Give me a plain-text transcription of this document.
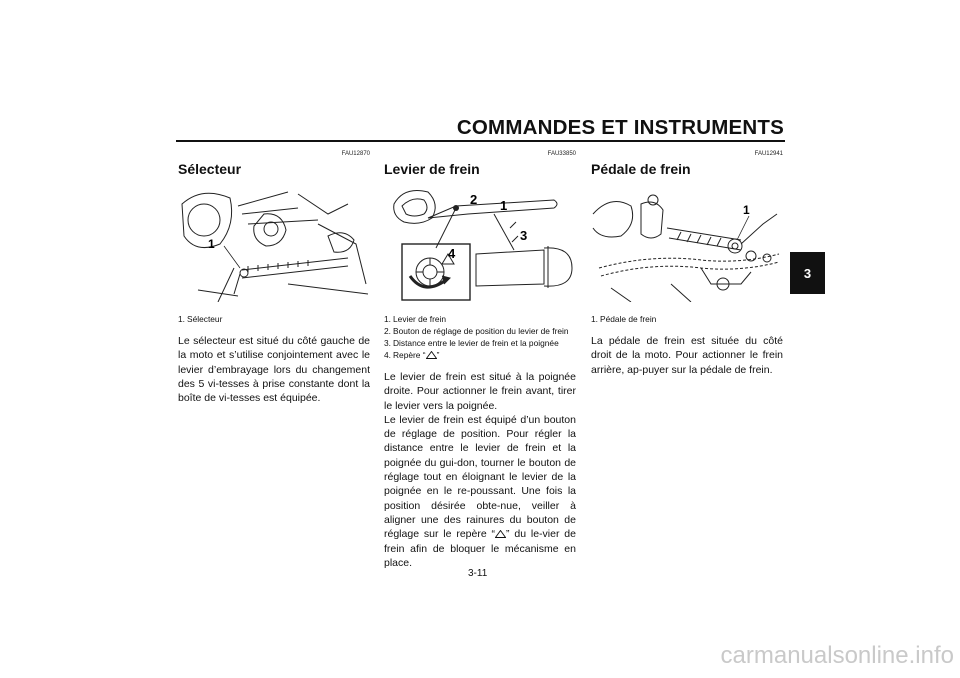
COMMANDES ET INSTRUMENTS
3
FAU12870
Sélecteur
1
1. Sélecteur

Le sélecteur est situé du côté gauche de la moto et s’utilise conjointement avec le levier d’embrayage lors du changement des 5 vi-tesses à prise constante dont la boîte de vi-tesses est équipée.

FAU33850
Levier de frein
2 1
3
4
1. Levier de frein
2. Bouton de réglage de position du levier de frein
3. Distance entre le levier de frein et la poignée
4. Repère “ ”

Le levier de frein est situé à la poignée droite. Pour actionner le frein avant, tirer le levier vers la poignée.

Le levier de frein est équipé d’un bouton de réglage de position. Pour régler la distance entre le levier de frein et la poignée du gui-don, tourner le bouton de réglage tout en éloignant le levier de la poignée en le re-poussant. Une fois la position désirée obte-nue, veiller à aligner une des rainures du bouton de réglage sur le repère “ ” du le-vier de frein afin de bloquer le mécanisme en place.

FAU12941
Pédale de frein
1
1. Pédale de frein

La pédale de frein est située du côté droit de la moto. Pour actionner le frein arrière, ap-puyer sur la pédale de frein.

3-11
carmanualsonline.info
